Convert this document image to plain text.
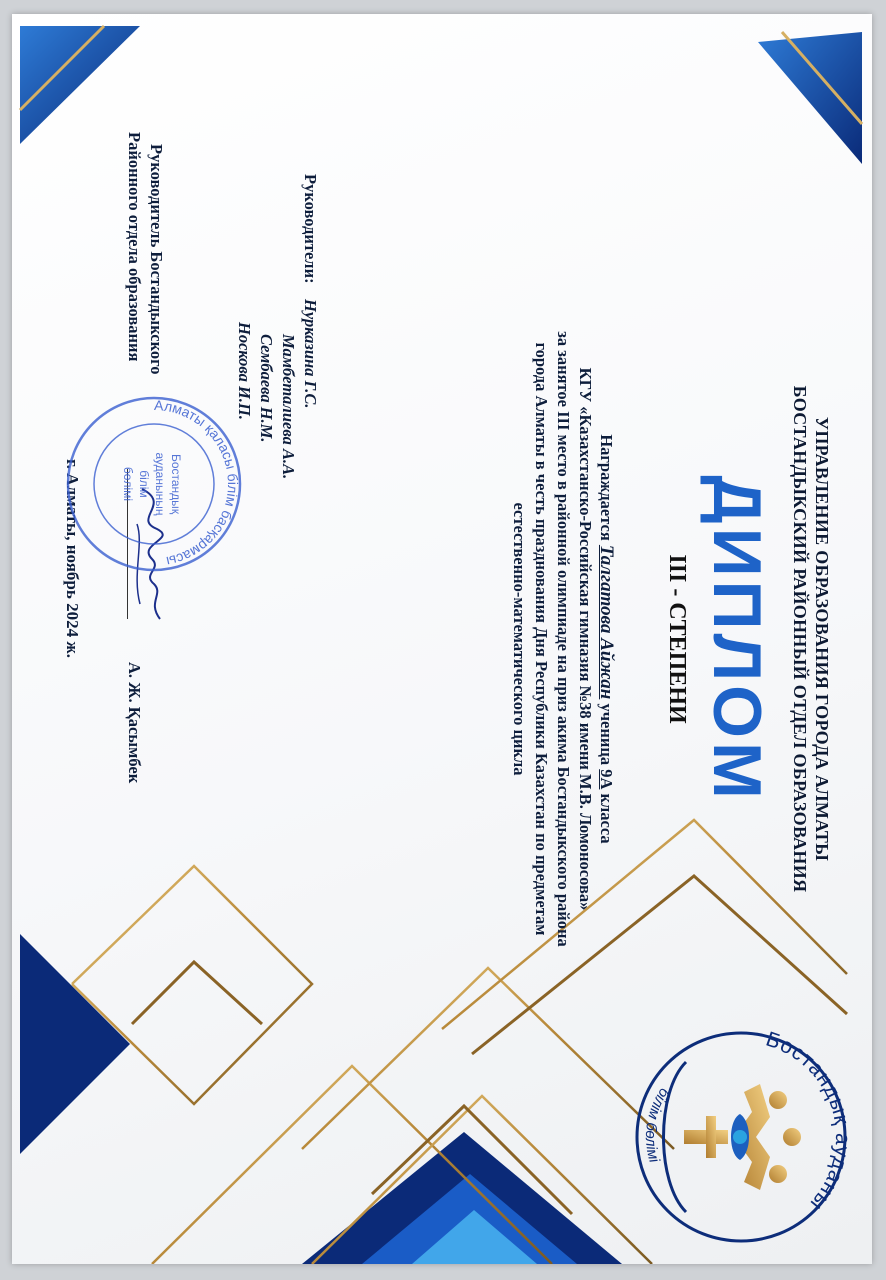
УПРАВЛЕНИЕ ОБРАЗОВАНИЯ ГОРОДА АЛМАТЫ
БОСТАНДЫКСКИЙ РАЙОННЫЙ ОТДЕЛ ОБРАЗОВАНИЯ
ДИПЛОМ
III - СТЕПЕНИ
Награждается Талгатова Айжан ученица 9А класса
КГУ «Казахстанско-Российская гимназия №38 имени М.В. Ломоносова»
за занятое III место в районной олимпиаде на приз акима Бостандыкского района
города Алматы в честь празднования Дня Республики Казахстан по предметам
естественно-математического цикла
Руководители:
Нурказина Г.С.
Мамбеталиева А.А.
Сембаева Н.М.
Носкова И.П.
Руководитель Бостандыкского
Районного отдела образования
А. Ж. Қасымбек
г. Алматы, ноябрь 2024 ж.
Алматы қаласы білім басқармасы
Бостандық
ауданының
білім
бөлімі
Бостандық ауданы
білім бөлімі
